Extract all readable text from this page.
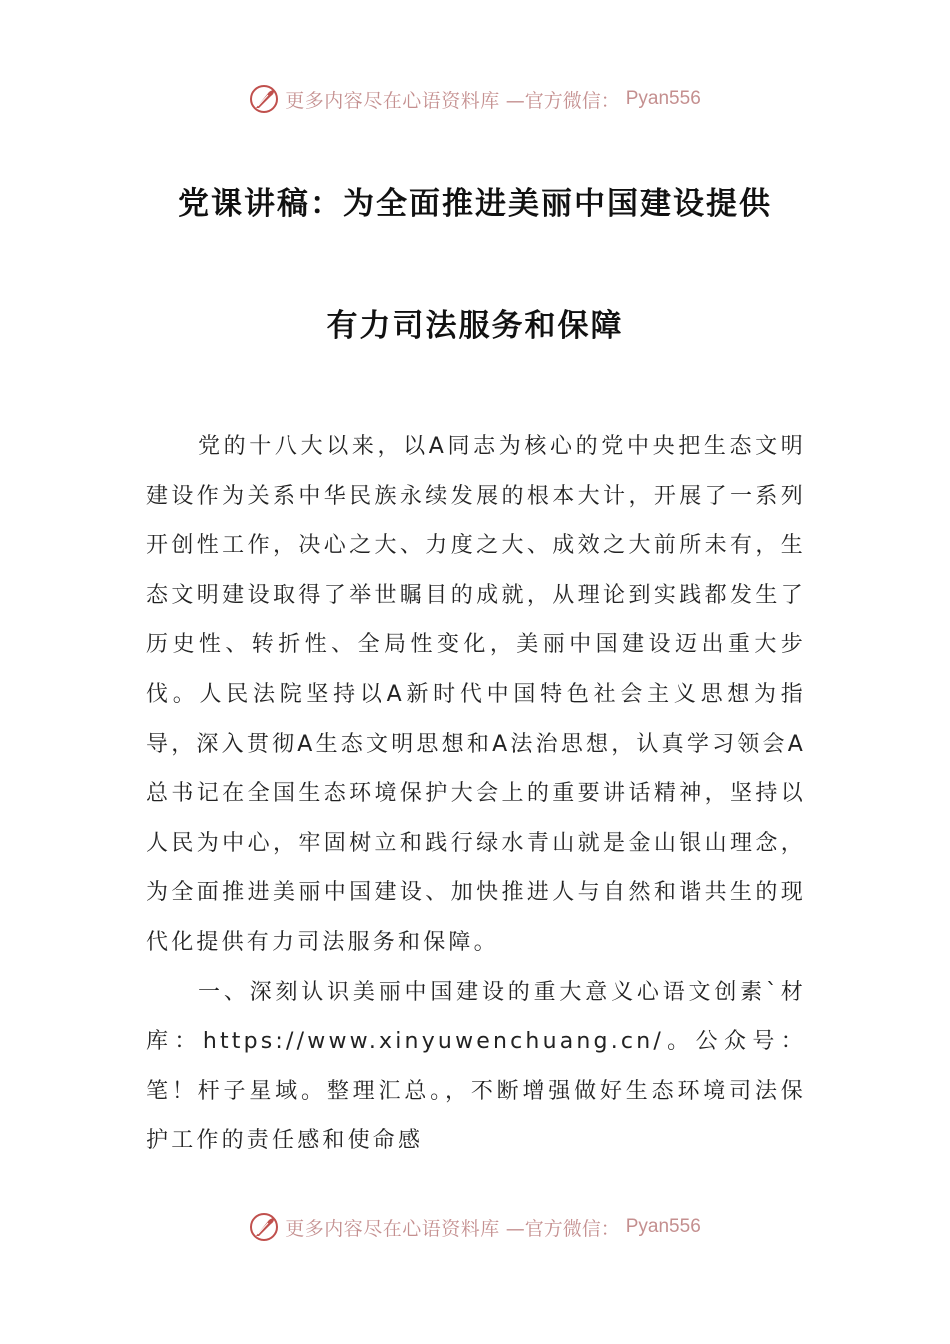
更多内容尽在心语资料库 —官方微信： Pyan556
党课讲稿：为全面推进美丽中国建设提供
有力司法服务和保障

党的十八大以来，以A同志为核心的党中央把生态文明建设作为关系中华民族永续发展的根本大计，开展了一系列开创性工作，决心之大、力度之大、成效之大前所未有，生态文明建设取得了举世瞩目的成就，从理论到实践都发生了历史性、转折性、全局性变化，美丽中国建设迈出重大步伐。人民法院坚持以A新时代中国特色社会主义思想为指导，深入贯彻A生态文明思想和A法治思想，认真学习领会A总书记在全国生态环境保护大会上的重要讲话精神，坚持以人民为中心，牢固树立和践行绿水青山就是金山银山理念，为全面推进美丽中国建设、加快推进人与自然和谐共生的现代化提供有力司法服务和保障。

一、深刻认识美丽中国建设的重大意义心语文创素`材库：https://www.xinyuwenchuang.cn/。公众号：笔！杆子星域。整理汇总。，不断增强做好生态环境司法保护工作的责任感和使命感

更多内容尽在心语资料库 —官方微信： Pyan556
